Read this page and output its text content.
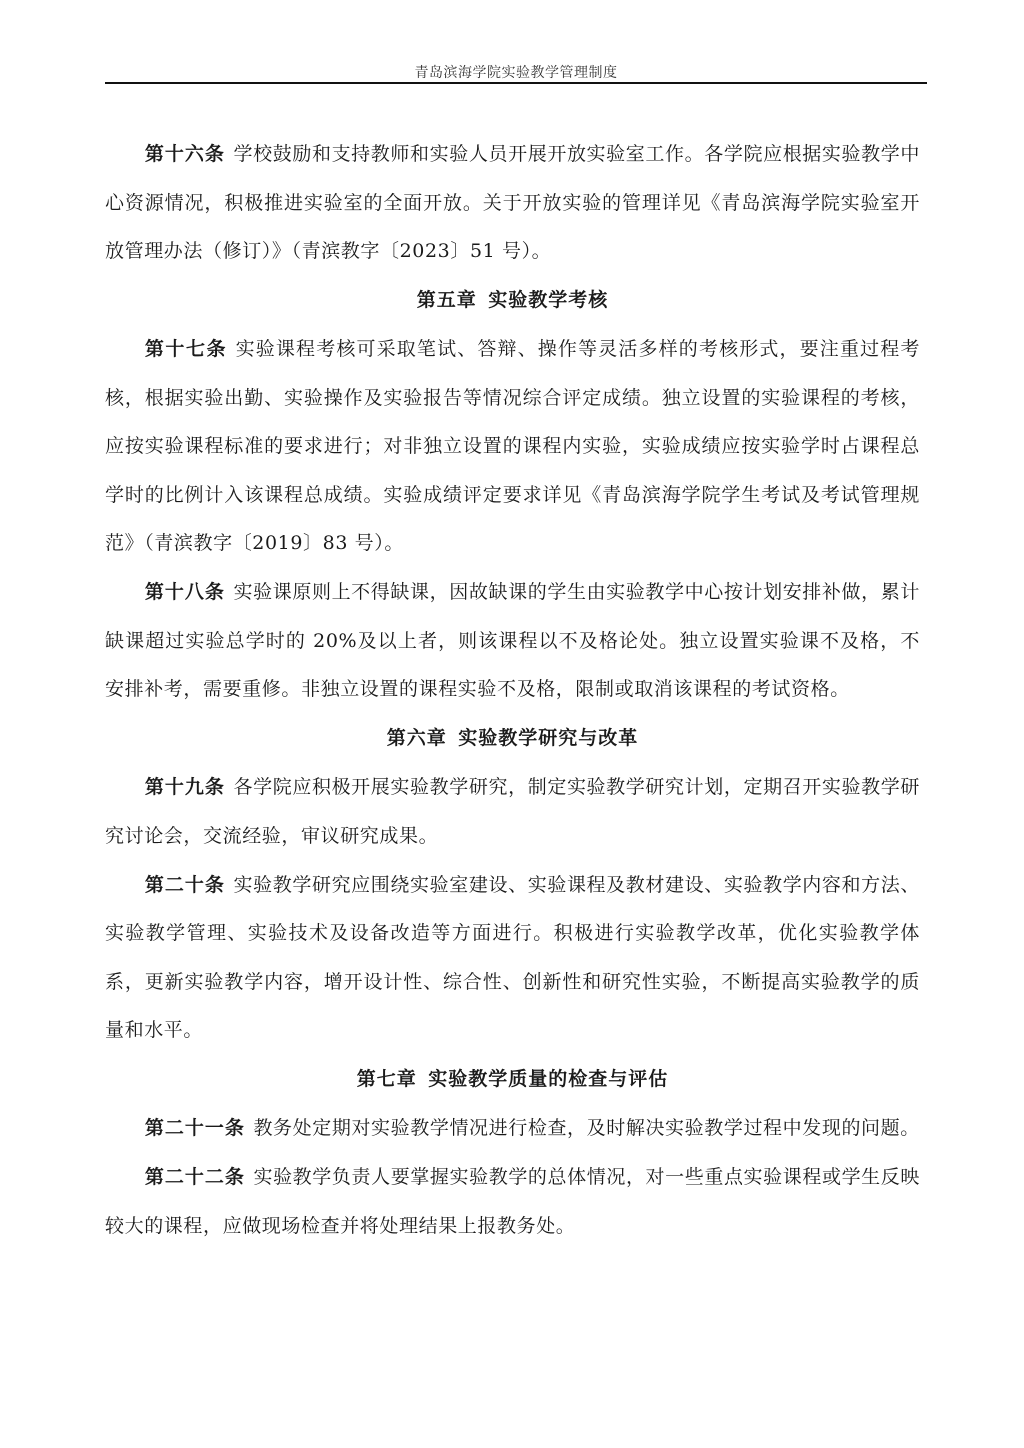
青岛滨海学院实验教学管理制度

第十六条 学校鼓励和支持教师和实验人员开展开放实验室工作。各学院应根据实验教学中心资源情况，积极推进实验室的全面开放。关于开放实验的管理详见《青岛滨海学院实验室开放管理办法（修订）》（青滨教字〔2023〕51 号）。

第五章 实验教学考核

第十七条 实验课程考核可采取笔试、答辩、操作等灵活多样的考核形式，要注重过程考核，根据实验出勤、实验操作及实验报告等情况综合评定成绩。独立设置的实验课程的考核，应按实验课程标准的要求进行；对非独立设置的课程内实验，实验成绩应按实验学时占课程总学时的比例计入该课程总成绩。实验成绩评定要求详见《青岛滨海学院学生考试及考试管理规范》（青滨教字〔2019〕83 号）。

第十八条 实验课原则上不得缺课，因故缺课的学生由实验教学中心按计划安排补做，累计缺课超过实验总学时的 20%及以上者，则该课程以不及格论处。独立设置实验课不及格，不安排补考，需要重修。非独立设置的课程实验不及格，限制或取消该课程的考试资格。

第六章 实验教学研究与改革

第十九条 各学院应积极开展实验教学研究，制定实验教学研究计划，定期召开实验教学研究讨论会，交流经验，审议研究成果。

第二十条 实验教学研究应围绕实验室建设、实验课程及教材建设、实验教学内容和方法、实验教学管理、实验技术及设备改造等方面进行。积极进行实验教学改革，优化实验教学体系，更新实验教学内容，增开设计性、综合性、创新性和研究性实验，不断提高实验教学的质量和水平。

第七章 实验教学质量的检查与评估

第二十一条 教务处定期对实验教学情况进行检查，及时解决实验教学过程中发现的问题。

第二十二条 实验教学负责人要掌握实验教学的总体情况，对一些重点实验课程或学生反映较大的课程，应做现场检查并将处理结果上报教务处。
